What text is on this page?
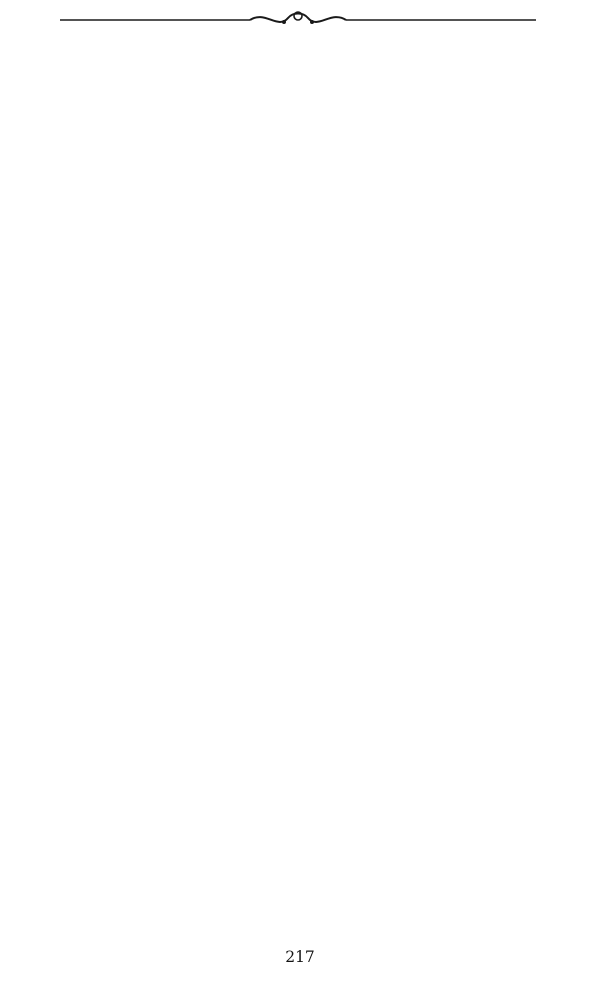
217
